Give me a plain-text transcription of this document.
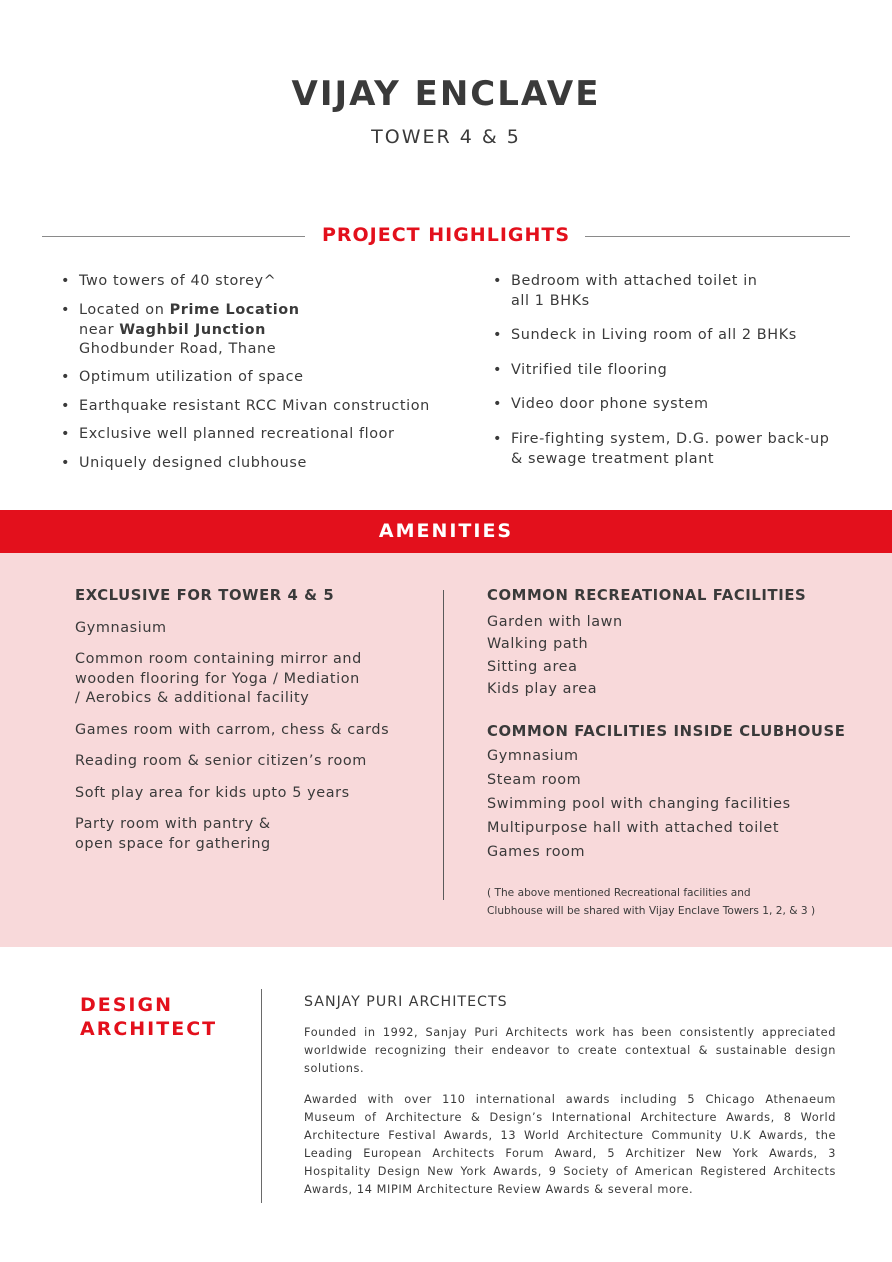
VIJAY ENCLAVE
TOWER 4 & 5
PROJECT HIGHLIGHTS
• Two towers of 40 storey^
• Located on Prime Location
near Waghbil Junction
Ghodbunder Road, Thane
• Optimum utilization of space
• Earthquake resistant RCC Mivan construction
• Exclusive well planned recreational floor
• Uniquely designed clubhouse
• Bedroom with attached toilet in
all 1 BHKs
• Sundeck in Living room of all 2 BHKs
• Vitrified tile flooring
• Video door phone system
• Fire-fighting system, D.G. power back-up
& sewage treatment plant
AMENITIES
EXCLUSIVE FOR TOWER 4 & 5
Gymnasium
Common room containing mirror and
wooden flooring for Yoga / Mediation
/ Aerobics & additional facility
Games room with carrom, chess & cards
Reading room & senior citizen’s room
Soft play area for kids upto 5 years
Party room with pantry &
open space for gathering
COMMON RECREATIONAL FACILITIES
Garden with lawn
Walking path
Sitting area
Kids play area
COMMON FACILITIES INSIDE CLUBHOUSE
Gymnasium
Steam room
Swimming pool with changing facilities
Multipurpose hall with attached toilet
Games room
( The above mentioned Recreational facilities and
Clubhouse will be shared with Vijay Enclave Towers 1, 2, & 3 )
DESIGN
ARCHITECT
SANJAY PURI ARCHITECTS
Founded in 1992, Sanjay Puri Architects work has been consistently appreciated worldwide recognizing their endeavor to create contextual & sustainable design solutions.
Awarded with over 110 international awards including 5 Chicago Athenaeum Museum of Architecture & Design’s International Architecture Awards, 8 World Architecture Festival Awards, 13 World Architecture Community U.K Awards, the Leading European Architects Forum Award, 5 Architizer New York Awards, 3 Hospitality Design New York Awards, 9 Society of American Registered Architects Awards, 14 MIPIM Architecture Review Awards & several more.
